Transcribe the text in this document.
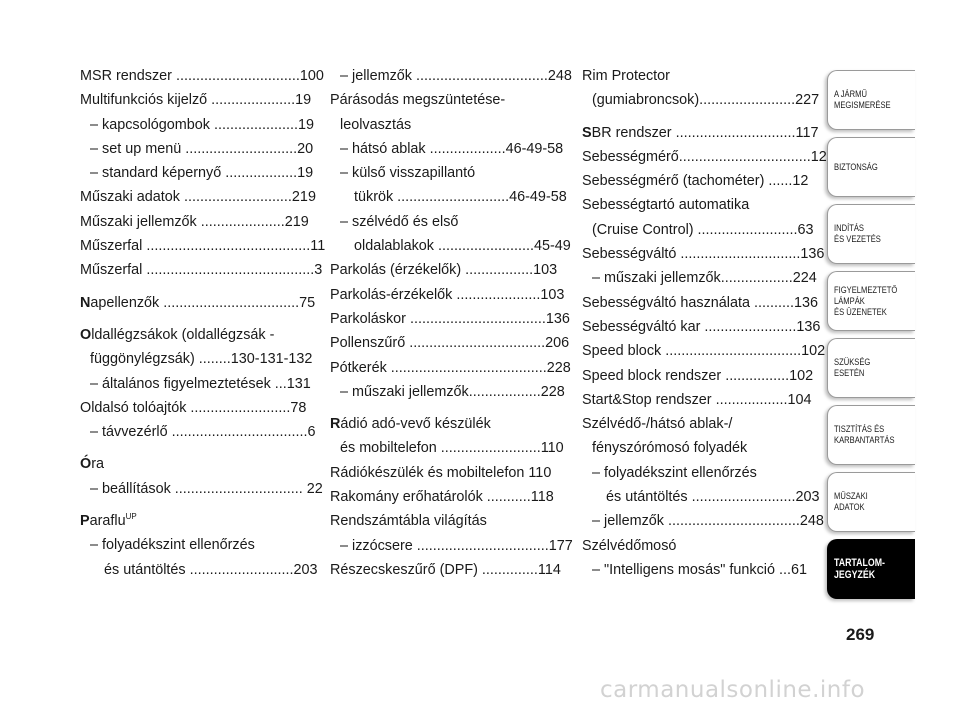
MSR rendszer ...............................100
Multifunkciós kijelző .....................19
– kapcsológombok .....................19
– set up menü ............................20
– standard képernyő ..................19
Műszaki adatok ...........................219
Műszaki jellemzők .....................219
Műszerfal .........................................11
Műszerfal ..........................................3
Napellenzők ..................................75
Oldallégzsákok (oldallégzsák -
függönylégzsák) ........130-131-132
– általános figyelmeztetések ...131
Oldalsó tolóajtók .........................78
– távvezérlő ..................................6
Óra
– beállítások ................................ 22
Paraflu$^{UP}$
– folyadékszint ellenőrzés
és utántöltés ..........................203
– jellemzők .................................248
Párásodás megszüntetése-
leolvasztás
– hátsó ablak ...................46-49-58
– külső visszapillantó
tükrök ............................46-49-58
– szélvédő és első
oldalablakok ........................45-49
Parkolás (érzékelők) .................103
Parkolás-érzékelők .....................103
Parkoláskor ..................................136
Pollenszűrő ..................................206
Pótkerék .......................................228
– műszaki jellemzők..................228
Rádió adó-vevő készülék
és mobiltelefon .........................110
Rádiókészülék és mobiltelefon 110
Rakomány erőhatárolók ...........118
Rendszámtábla világítás
– izzócsere .................................177
Részecskeszűrő (DPF) ..............114
Rim Protector
(gumiabroncsok)........................227
SBR rendszer ..............................117
Sebességmérő.................................12
Sebességmérő (tachométer) ......12
Sebességtartó automatika
(Cruise Control) .........................63
Sebességváltó ..............................136
– műszaki jellemzők..................224
Sebességváltó használata ..........136
Sebességváltó kar .......................136
Speed block ..................................102
Speed block rendszer ................102
Start&Stop rendszer ..................104
Szélvédő-/hátsó ablak-/
fényszórómosó folyadék
– folyadékszint ellenőrzés
és utántöltés ..........................203
– jellemzők .................................248
Szélvédőmosó
– "Intelligens mosás" funkció ...61
A JÁRMŰ
MEGISMERÉSE
BIZTONSÁG
INDÍTÁS
ÉS VEZETÉS
FIGYELMEZTETŐ
LÁMPÁK
ÉS ÜZENETEK
SZÜKSÉG
ESETÉN
TISZTÍTÁS ÉS
KARBANTARTÁS
MŰSZAKI
ADATOK
TARTALOM-
JEGYZÉK
269
carmanualsonline.info
